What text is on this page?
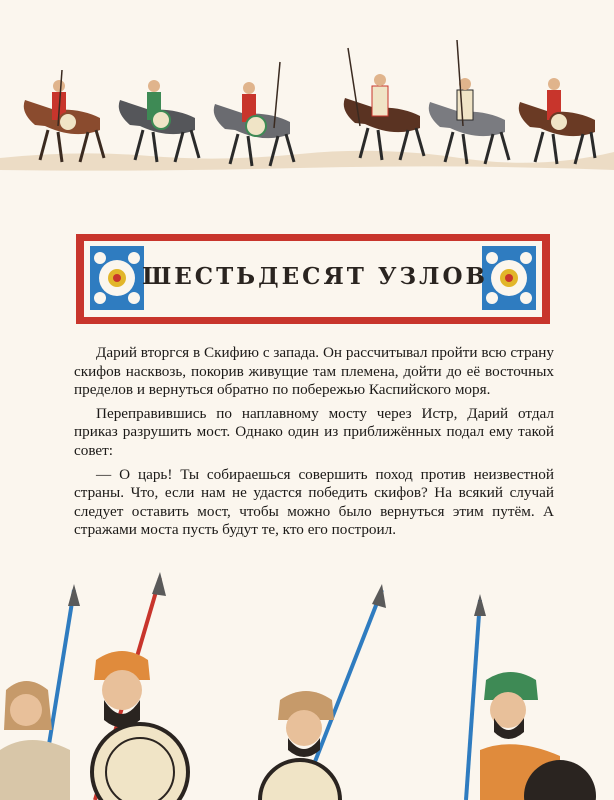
ШЕСТЬДЕСЯТ УЗЛОВ

Дарий вторгся в Скифию с запада. Он рассчитывал пройти всю страну скифов насквозь, покорив живущие там племена, дойти до её восточных пределов и вернуться обратно по побережью Каспийского моря.

Переправившись по наплавному мосту через Истр, Дарий отдал приказ разрушить мост. Однако один из приближённых подал ему такой совет:

— О царь! Ты собираешься совершить поход против неизвестной страны. Что, если нам не удастся победить скифов? На всякий случай следует оставить мост, чтобы можно было вернуться этим путём. А стражами моста пусть будут те, кто его построил.
